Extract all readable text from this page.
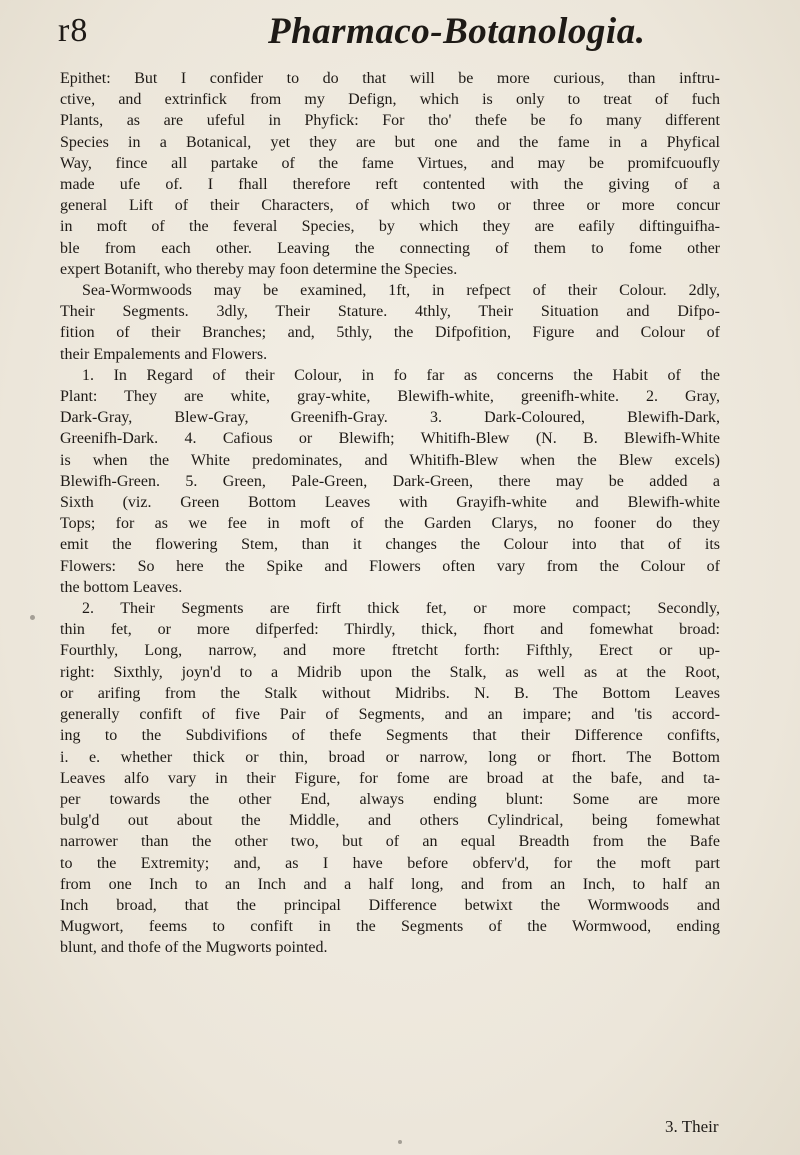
r8	Pharmaco-Botanologia.
Epithet: But I confider to do that will be more curious, than inftru-
ctive, and extrinfick from my Defign, which is only to treat of fuch
Plants, as are ufeful in Phyfick: For tho' thefe be fo many different
Species in a Botanical, yet they are but one and the fame in a Phyfical
Way, fince all partake of the fame Virtues, and may be promifcuoufly
made ufe of. I fhall therefore reft contented with the giving of a
general Lift of their Characters, of which two or three or more concur
in moft of the feveral Species, by which they are eafily diftinguifha-
ble from each other. Leaving the connecting of them to fome other
expert Botanift, who thereby may foon determine the Species.
Sea-Wormwoods may be examined, 1ft, in refpect of their Colour. 2dly,
Their Segments. 3dly, Their Stature. 4thly, Their Situation and Difpo-
fition of their Branches; and, 5thly, the Difpofition, Figure and Colour of
their Empalements and Flowers.
1. In Regard of their Colour, in fo far as concerns the Habit of the
Plant: They are white, gray-white, Blewifh-white, greenifh-white. 2. Gray,
Dark-Gray, Blew-Gray, Greenifh-Gray. 3. Dark-Coloured, Blewifh-Dark,
Greenifh-Dark. 4. Cafious or Blewifh; Whitifh-Blew (N. B. Blewifh-White
is when the White predominates, and Whitifh-Blew when the Blew excels)
Blewifh-Green. 5. Green, Pale-Green, Dark-Green, there may be added a
Sixth (viz. Green Bottom Leaves with Grayifh-white and Blewifh-white
Tops; for as we fee in moft of the Garden Clarys, no fooner do they
emit the flowering Stem, than it changes the Colour into that of its
Flowers: So here the Spike and Flowers often vary from the Colour of
the bottom Leaves.
2. Their Segments are firft thick fet, or more compact; Secondly,
thin fet, or more difperfed: Thirdly, thick, fhort and fomewhat broad:
Fourthly, Long, narrow, and more ftretcht forth: Fifthly, Erect or up-
right: Sixthly, joyn'd to a Midrib upon the Stalk, as well as at the Root,
or arifing from the Stalk without Midribs. N. B. The Bottom Leaves
generally confift of five Pair of Segments, and an impare; and 'tis accord-
ing to the Subdivifions of thefe Segments that their Difference confifts,
i. e. whether thick or thin, broad or narrow, long or fhort. The Bottom
Leaves alfo vary in their Figure, for fome are broad at the bafe, and ta-
per towards the other End, always ending blunt: Some are more
bulg'd out about the Middle, and others Cylindrical, being fomewhat
narrower than the other two, but of an equal Breadth from the Bafe
to the Extremity; and, as I have before obferv'd, for the moft part
from one Inch to an Inch and a half long, and from an Inch, to half an
Inch broad, that the principal Difference betwixt the Wormwoods and
Mugwort, feems to confift in the Segments of the Wormwood, ending
blunt, and thofe of the Mugworts pointed.
3. Their
